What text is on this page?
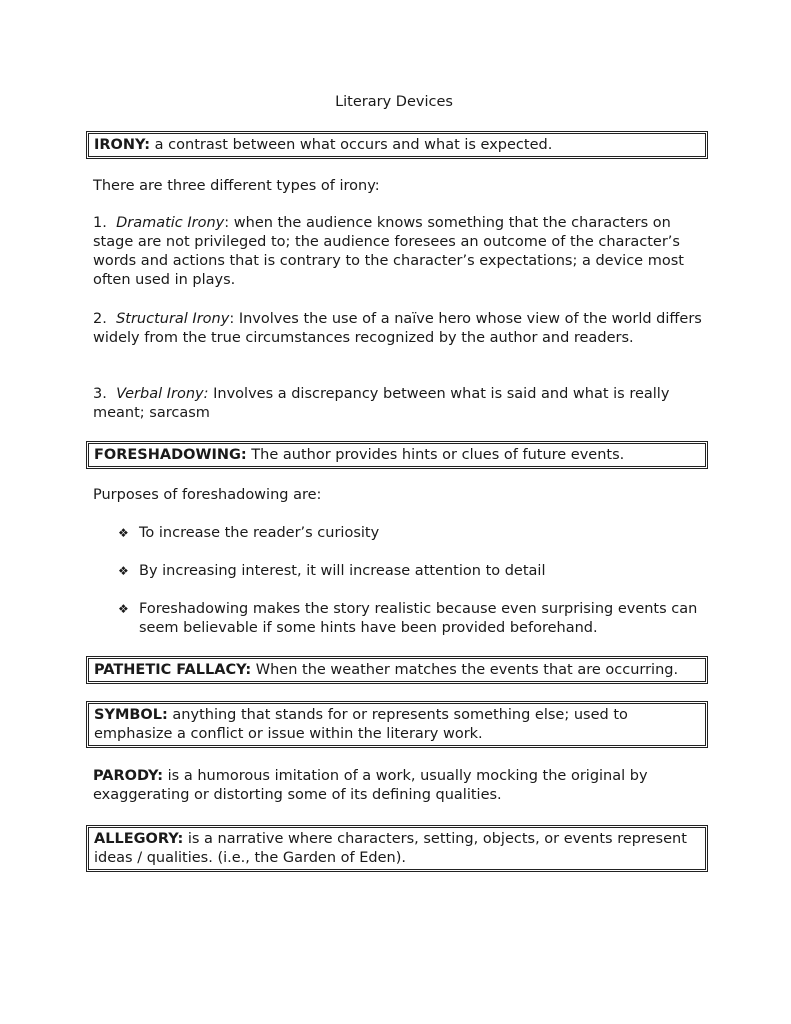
Literary Devices
IRONY: a contrast between what occurs and what is expected.
There are three different types of irony:
1. Dramatic Irony: when the audience knows something that the characters on stage are not privileged to; the audience foresees an outcome of the character’s words and actions that is contrary to the character’s expectations; a device most often used in plays.
2. Structural Irony: Involves the use of a naïve hero whose view of the world differs widely from the true circumstances recognized by the author and readers.
3. Verbal Irony: Involves a discrepancy between what is said and what is really meant; sarcasm
FORESHADOWING: The author provides hints or clues of future events.
Purposes of foreshadowing are:
❖ To increase the reader’s curiosity
❖ By increasing interest, it will increase attention to detail
❖ Foreshadowing makes the story realistic because even surprising events can seem believable if some hints have been provided beforehand.
PATHETIC FALLACY: When the weather matches the events that are occurring.
SYMBOL: anything that stands for or represents something else; used to emphasize a conflict or issue within the literary work.
PARODY: is a humorous imitation of a work, usually mocking the original by exaggerating or distorting some of its defining qualities.
ALLEGORY: is a narrative where characters, setting, objects, or events represent ideas / qualities. (i.e., the Garden of Eden).
